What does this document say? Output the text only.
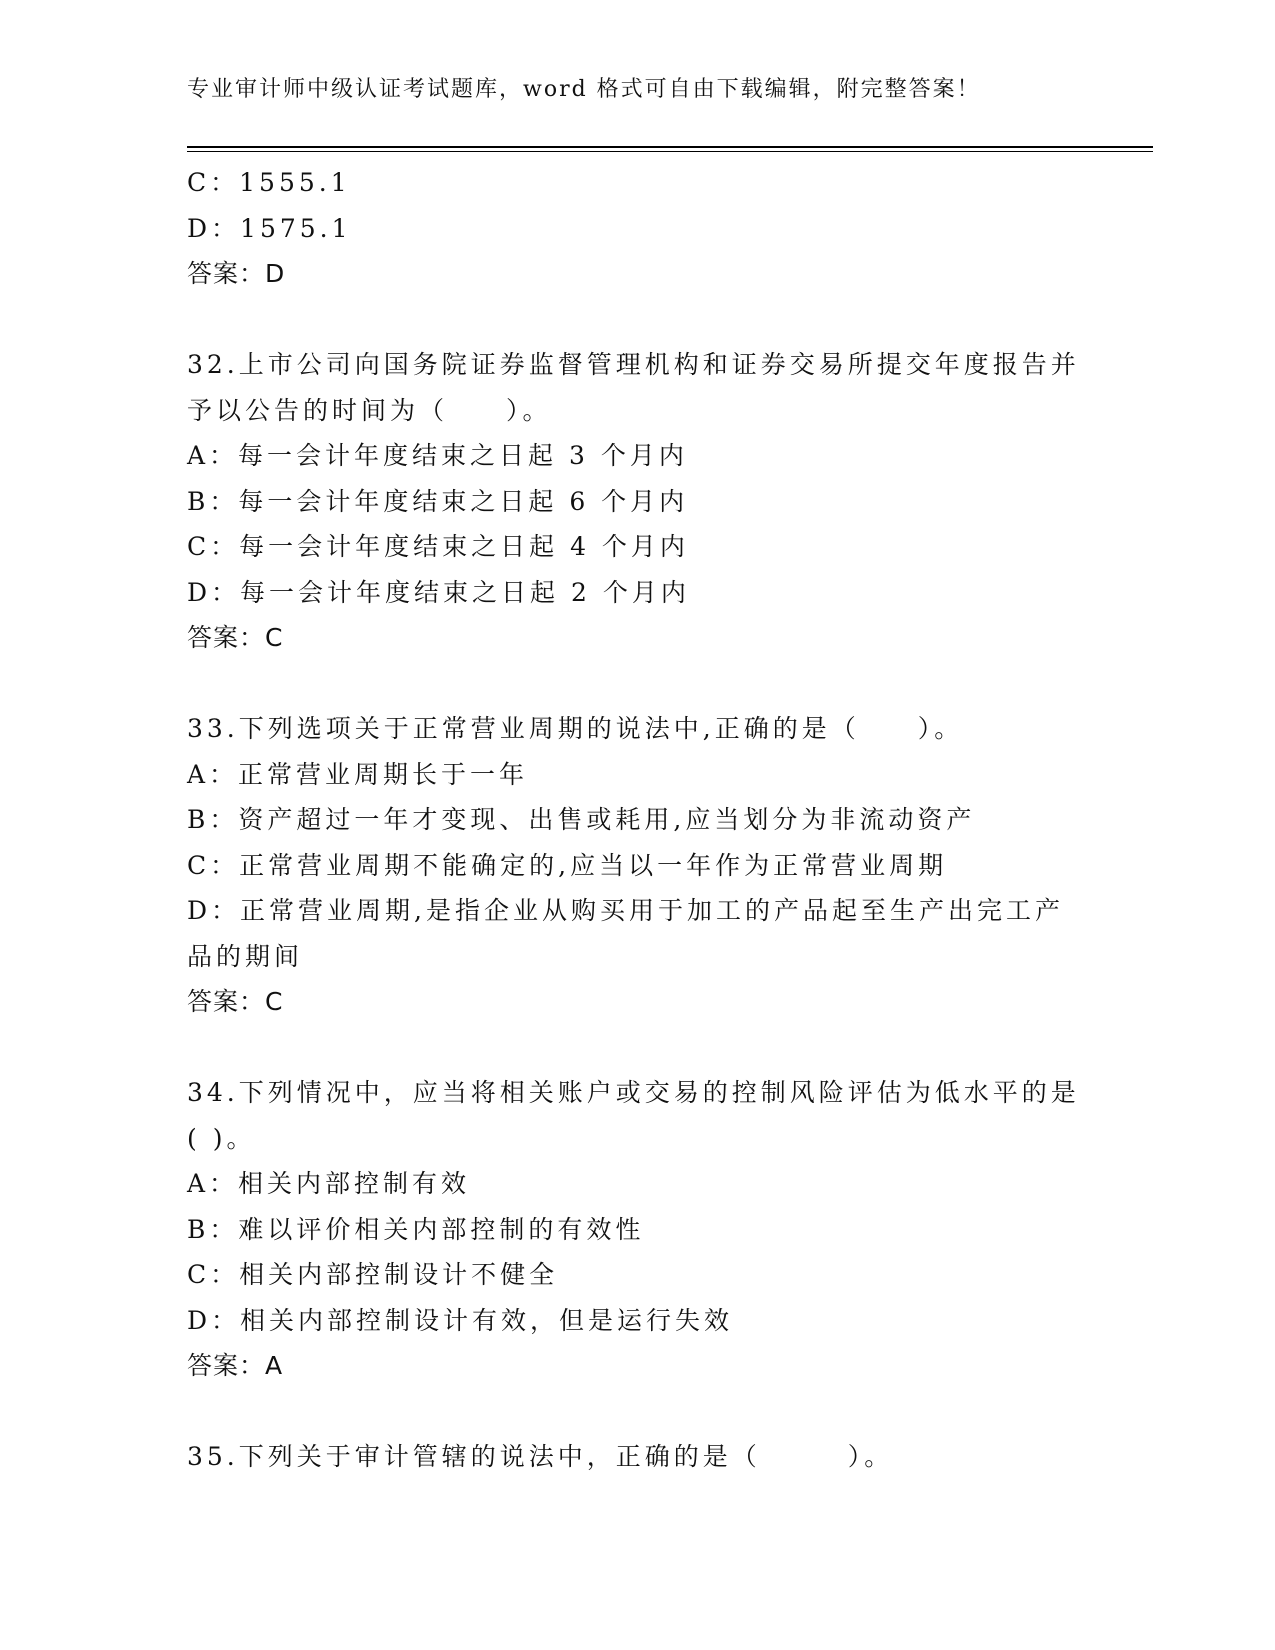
专业审计师中级认证考试题库，word 格式可自由下载编辑，附完整答案！
C：1555.1
D：1575.1
答案：D
32.上市公司向国务院证券监督管理机构和证券交易所提交年度报告并
予以公告的时间为（　　）。
A：每一会计年度结束之日起 3 个月内
B：每一会计年度结束之日起 6 个月内
C：每一会计年度结束之日起 4 个月内
D：每一会计年度结束之日起 2 个月内
答案：C
33.下列选项关于正常营业周期的说法中,正确的是（　　）。
A：正常营业周期长于一年
B：资产超过一年才变现、出售或耗用,应当划分为非流动资产
C：正常营业周期不能确定的,应当以一年作为正常营业周期
D：正常营业周期,是指企业从购买用于加工的产品起至生产出完工产
品的期间
答案：C
34.下列情况中，应当将相关账户或交易的控制风险评估为低水平的是
( )。
A：相关内部控制有效
B：难以评价相关内部控制的有效性
C：相关内部控制设计不健全
D：相关内部控制设计有效，但是运行失效
答案：A
35.下列关于审计管辖的说法中，正确的是（　　　）。
